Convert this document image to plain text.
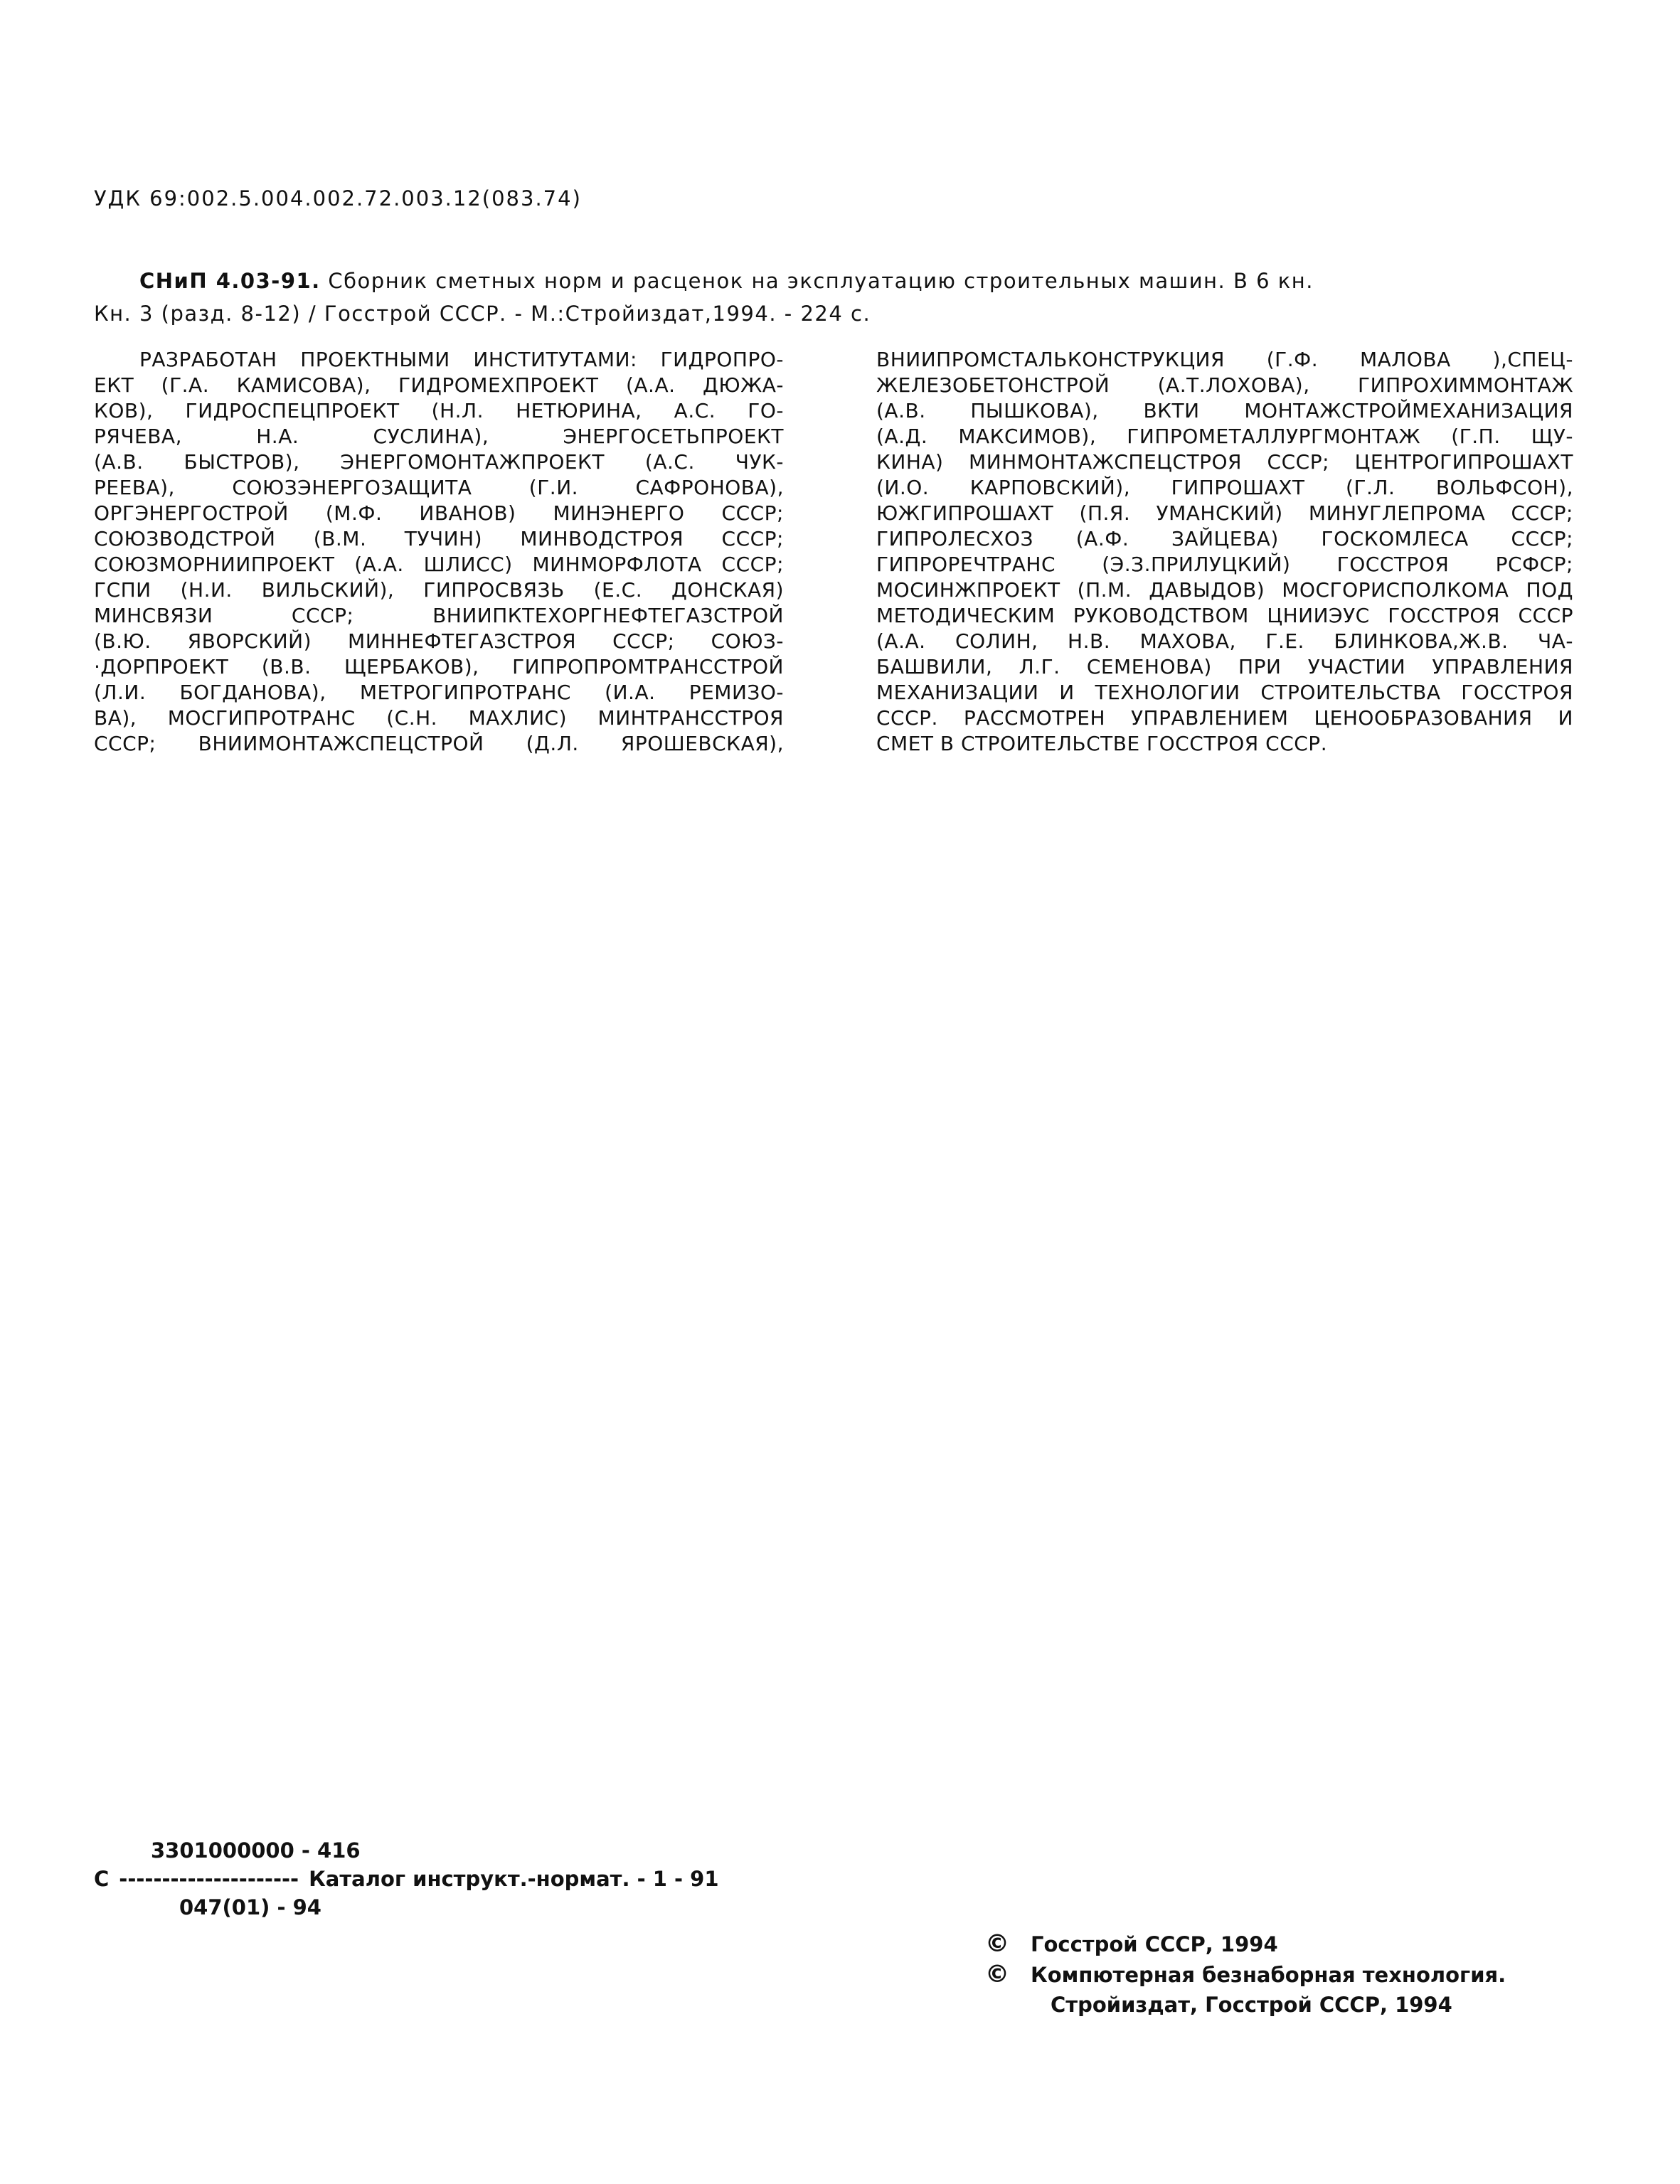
УДК 69:002.5.004.002.72.003.12(083.74)
СНиП 4.03-91. Сборник сметных норм и расценок на эксплуатацию строительных машин. В 6 кн.
Кн. 3 (разд. 8-12) / Госстрой СССР. - М.:Стройиздат,1994. - 224 с.
РАЗРАБОТАН ПРОЕКТНЫМИ ИНСТИТУТАМИ: ГИДРОПРО-
ЕКТ (Г.А. КАМИСОВА), ГИДРОМЕХПРОЕКТ (А.А. ДЮЖА-
КОВ), ГИДРОСПЕЦПРОЕКТ (Н.Л. НЕТЮРИНА, А.С. ГО-
РЯЧЕВА, Н.А. СУСЛИНА), ЭНЕРГОСЕТЬПРОЕКТ
(А.В. БЫСТРОВ), ЭНЕРГОМОНТАЖПРОЕКТ (А.С. ЧУК-
РЕЕВА), СОЮЗЭНЕРГОЗАЩИТА (Г.И. САФРОНОВА),
ОРГЭНЕРГОСТРОЙ (М.Ф. ИВАНОВ) МИНЭНЕРГО СССР;
СОЮЗВОДСТРОЙ (В.М. ТУЧИН) МИНВОДСТРОЯ СССР;
СОЮЗМОРНИИПРОЕКТ (А.А. ШЛИСС) МИНМОРФЛОТА СССР;
ГСПИ (Н.И. ВИЛЬСКИЙ), ГИПРОСВЯЗЬ (Е.С. ДОНСКАЯ)
МИНСВЯЗИ СССР; ВНИИПКТЕХОРГНЕФТЕГАЗСТРОЙ
(В.Ю. ЯВОРСКИЙ) МИННЕФТЕГАЗСТРОЯ СССР; СОЮЗ-
·ДОРПРОЕКТ (В.В. ЩЕРБАКОВ), ГИПРОПРОМТРАНССТРОЙ
(Л.И. БОГДАНОВА), МЕТРОГИПРОТРАНС (И.А. РЕМИЗО-
ВА), МОСГИПРОТРАНС (С.Н. МАХЛИС) МИНТРАНССТРОЯ
СССР; ВНИИМОНТАЖСПЕЦСТРОЙ (Д.Л. ЯРОШЕВСКАЯ),
ВНИИПРОМСТАЛЬКОНСТРУКЦИЯ (Г.Ф. МАЛОВА ),СПЕЦ-
ЖЕЛЕЗОБЕТОНСТРОЙ (А.Т.ЛОХОВА), ГИПРОХИММОНТАЖ
(А.В. ПЫШКОВА), ВКТИ МОНТАЖСТРОЙМЕХАНИЗАЦИЯ
(А.Д. МАКСИМОВ), ГИПРОМЕТАЛЛУРГМОНТАЖ (Г.П. ЩУ-
КИНА) МИНМОНТАЖСПЕЦСТРОЯ СССР; ЦЕНТРОГИПРОШАХТ
(И.О. КАРПОВСКИЙ), ГИПРОШАХТ (Г.Л. ВОЛЬФСОН),
ЮЖГИПРОШАХТ (П.Я. УМАНСКИЙ) МИНУГЛЕПРОМА СССР;
ГИПРОЛЕСХОЗ (А.Ф. ЗАЙЦЕВА) ГОСКОМЛЕСА СССР;
ГИПРОРЕЧТРАНС (Э.З.ПРИЛУЦКИЙ) ГОССТРОЯ РСФСР;
МОСИНЖПРОЕКТ (П.М. ДАВЫДОВ) МОСГОРИСПОЛКОМА ПОД
МЕТОДИЧЕСКИМ РУКОВОДСТВОМ ЦНИИЭУС ГОССТРОЯ СССР
(А.А. СОЛИН, Н.В. МАХОВА, Г.Е. БЛИНКОВА,Ж.В. ЧА-
БАШВИЛИ, Л.Г. СЕМЕНОВА) ПРИ УЧАСТИИ УПРАВЛЕНИЯ
МЕХАНИЗАЦИИ И ТЕХНОЛОГИИ СТРОИТЕЛЬСТВА ГОССТРОЯ
СССР. РАССМОТРЕН УПРАВЛЕНИЕМ ЦЕНООБРАЗОВАНИЯ И
СМЕТ В СТРОИТЕЛЬСТВЕ ГОССТРОЯ СССР.
3301000000 - 416
С --------------------- Каталог инструкт.-нормат. - 1 - 91
047(01) - 94
© Госстрой СССР, 1994
© Компютерная безнаборная технология.
Стройиздат, Госстрой СССР, 1994
